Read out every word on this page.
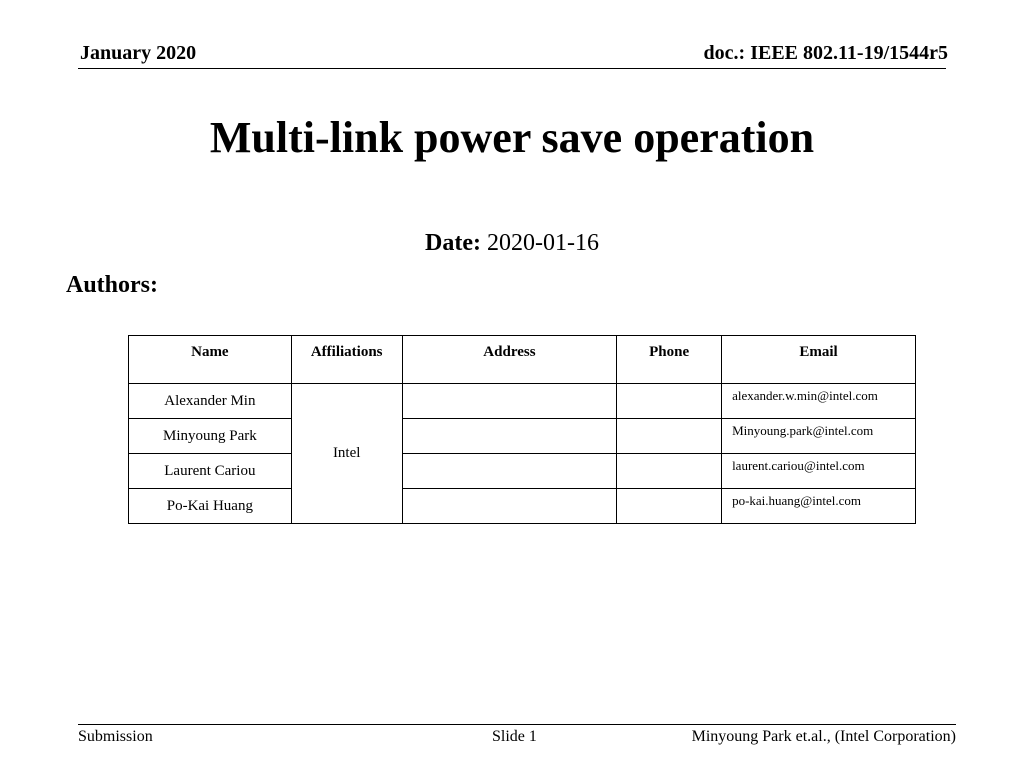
January 2020	doc.: IEEE 802.11-19/1544r5
Multi-link power save operation
Date: 2020-01-16
Authors:
Name	Affiliations	Address	Phone	Email
Alexander Min	Intel			alexander.w.min@intel.com
Minyoung Park				Minyoung.park@intel.com
Laurent Cariou				laurent.cariou@intel.com
Po-Kai Huang				po-kai.huang@intel.com
Submission	Slide 1	Minyoung Park et.al., (Intel Corporation)
